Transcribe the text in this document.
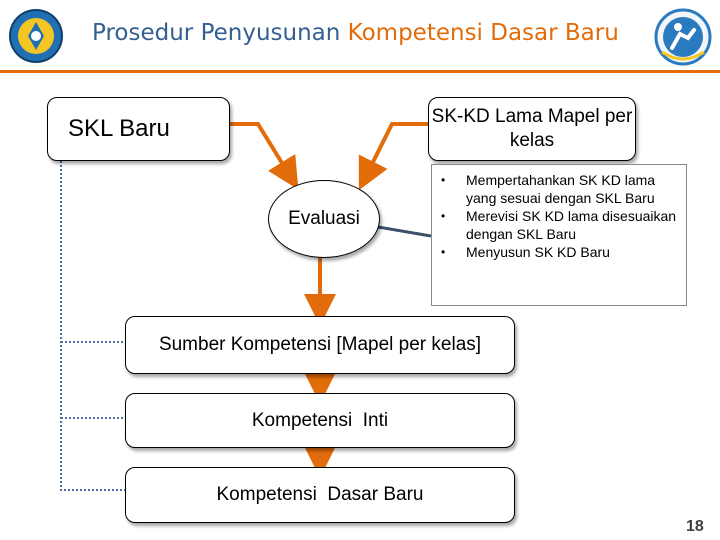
Prosedur Penyusunan Kompetensi Dasar Baru
SKL Baru	SK-KD Lama Mapel per kelas
Evaluasi
• Mempertahankan SK KD lama yang sesuai dengan SKL Baru
• Merevisi SK KD lama disesuaikan dengan SKL Baru
• Menyusun SK KD Baru
Sumber Kompetensi [Mapel per kelas]
Kompetensi  Inti
Kompetensi  Dasar Baru
18
